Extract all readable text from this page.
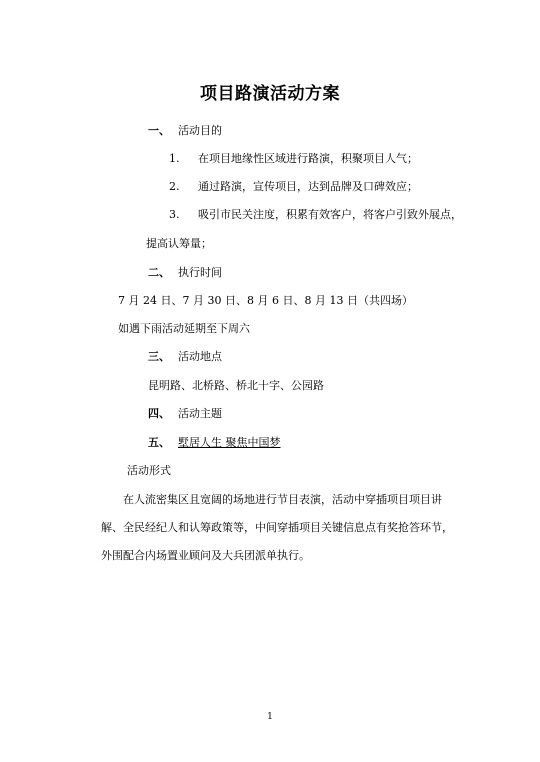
项目路演活动方案
一、 活动目的
1. 在项目地缘性区域进行路演，积聚项目人气；
2. 通过路演，宣传项目，达到品牌及口碑效应；
3. 吸引市民关注度，积累有效客户，将客户引致外展点，
提高认筹量；
二、 执行时间
7 月 24 日、7 月 30 日、8 月 6 日、8 月 13 日（共四场）
如遇下雨活动延期至下周六
三、 活动地点
昆明路、北桥路、桥北十字、公园路
四、 活动主题
五、 墅居人生 聚焦中国梦
活动形式
在人流密集区且宽阔的场地进行节目表演，活动中穿插项目项目讲
解、全民经纪人和认筹政策等，中间穿插项目关键信息点有奖抢答环节，
外围配合内场置业顾问及大兵团派单执行。
1
